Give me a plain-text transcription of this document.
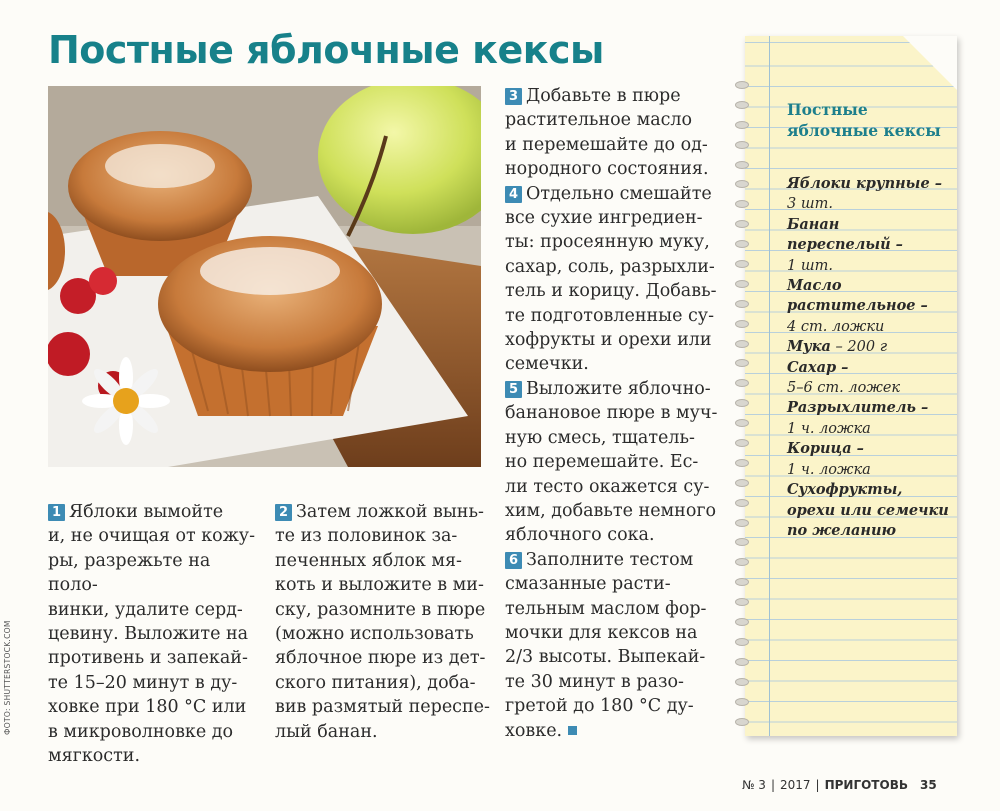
Постные яблочные кексы
1 Яблоки вымойте
и, не очищая от кожу-
ры, разрежьте на поло-
винки, удалите серд-
цевину. Выложите на
противень и запекай-
те 15–20 минут в ду-
ховке при 180 °С или
в микроволновке до
мягкости.
2 Затем ложкой вынь-
те из половинок за-
печенных яблок мя-
коть и выложите в ми-
ску, разомните в пюре
(можно использовать
яблочное пюре из дет-
ского питания), доба-
вив размятый переспе-
лый банан.
3 Добавьте в пюре
растительное масло
и перемешайте до од-
нородного состояния.
4 Отдельно смешайте
все сухие ингредиен-
ты: просеянную муку,
сахар, соль, разрыхли-
тель и корицу. Добавь-
те подготовленные су-
хофрукты и орехи или
семечки.
5 Выложите яблочно-
банановое пюре в муч-
ную смесь, тщатель-
но перемешайте. Ес-
ли тесто окажется су-
хим, добавьте немного
яблочного сока.
6 Заполните тестом
смазанные расти-
тельным маслом фор-
мочки для кексов на
2/3 высоты. Выпекай-
те 30 минут в разо-
гретой до 180 °С ду-
ховке.
ФОТО: SHUTTERSTOCK.COM
Постные
яблочные кексы
Яблоки крупные –
3 шт.
Банан
переспелый –
1 шт.
Масло
растительное –
4 ст. ложки
Мука – 200 г
Сахар –
5–6 ст. ложек
Разрыхлитель –
1 ч. ложка
Корица –
1 ч. ложка
Сухофрукты,
орехи или семечки
по желанию
№ 3 | 2017 | ПРИГОТОВЬ 35
